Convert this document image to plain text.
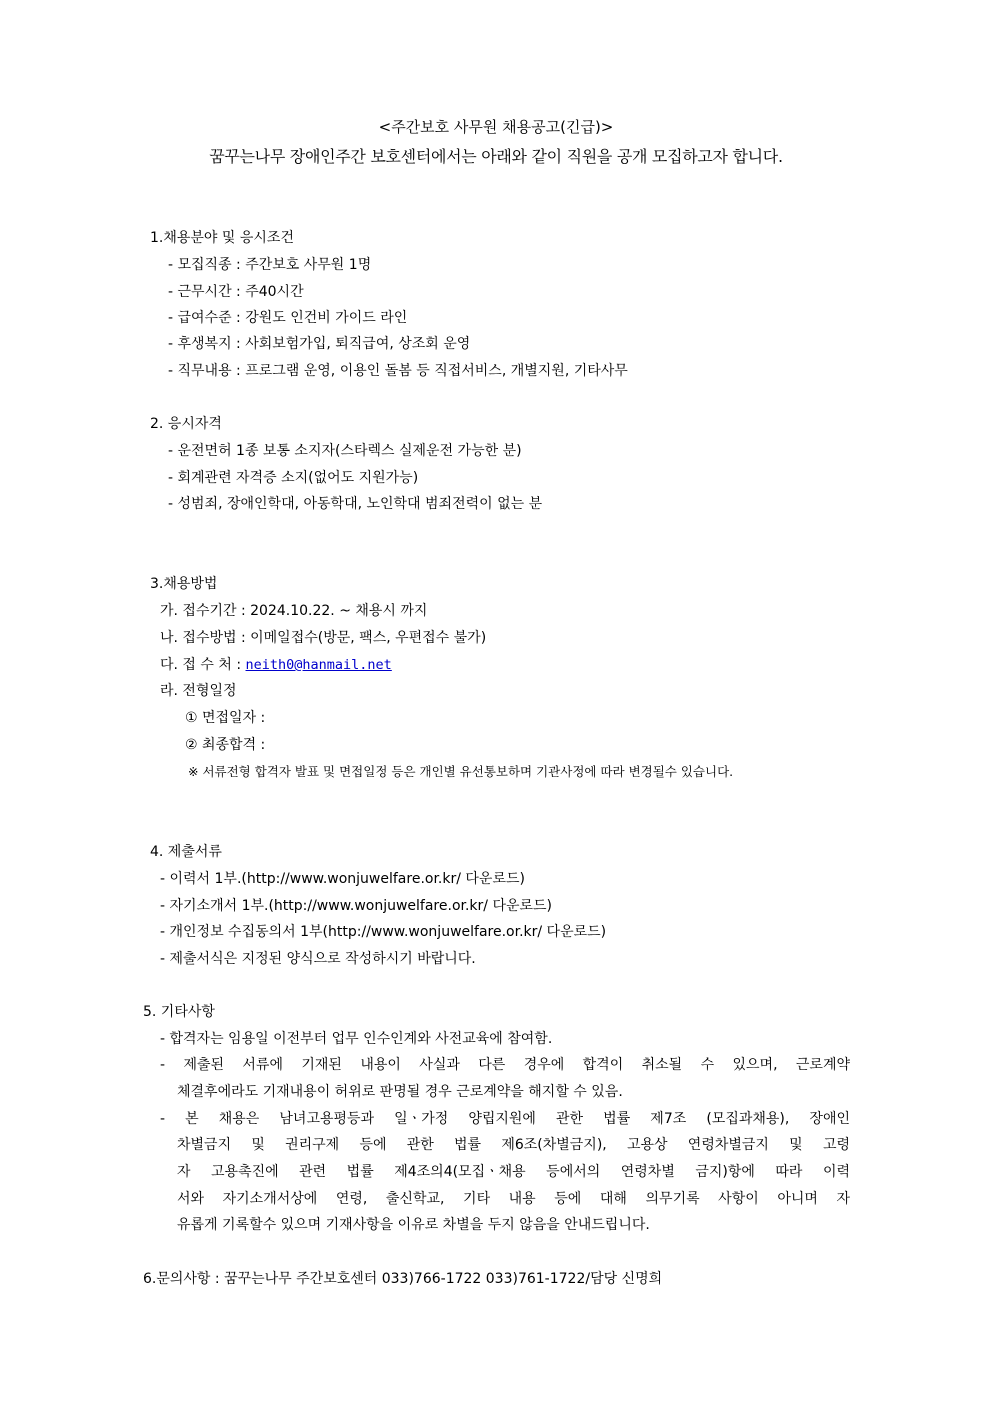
<주간보호 사무원 채용공고(긴급)>
꿈꾸는나무 장애인주간 보호센터에서는 아래와 같이 직원을 공개 모집하고자 합니다.
1.채용분야 및 응시조건
- 모집직종 : 주간보호 사무원 1명
- 근무시간 : 주40시간
- 급여수준 : 강원도 인건비 가이드 라인
- 후생복지 : 사회보험가입, 퇴직급여, 상조회 운영
- 직무내용 : 프로그램 운영, 이용인 돌봄 등 직접서비스, 개별지원, 기타사무
2. 응시자격
- 운전면허 1종 보통 소지자(스타렉스 실제운전 가능한 분)
- 회계관련 자격증 소지(없어도 지원가능)
- 성범죄, 장애인학대, 아동학대, 노인학대 범죄전력이 없는 분
3.채용방법
가. 접수기간 : 2024.10.22. ~ 채용시 까지
나. 접수방법 : 이메일접수(방문, 팩스, 우편접수 불가)
다. 접 수 처 : neith0@hanmail.net
라. 전형일정
① 면접일자 :
② 최종합격 :
※ 서류전형 합격자 발표 및 면접일정 등은 개인별 유선통보하며 기관사정에 따라 변경될수 있습니다.
4. 제출서류
- 이력서 1부.(http://www.wonjuwelfare.or.kr/ 다운로드)
- 자기소개서 1부.(http://www.wonjuwelfare.or.kr/ 다운로드)
- 개인정보 수집동의서 1부(http://www.wonjuwelfare.or.kr/ 다운로드)
- 제출서식은 지정된 양식으로 작성하시기 바랍니다.
5. 기타사항
- 합격자는 임용일 이전부터 업무 인수인계와 사전교육에 참여함.
- 제출된 서류에 기재된 내용이 사실과 다른 경우에 합격이 취소될 수 있으며, 근로계약
체결후에라도 기재내용이 허위로 판명될 경우 근로계약을 해지할 수 있음.
- 본 채용은 남녀고용평등과 일ㆍ가정 양립지원에 관한 법률 제7조 (모집과채용), 장애인
차별금지 및 권리구제 등에 관한 법률 제6조(차별금지), 고용상 연령차별금지 및 고령
자 고용촉진에 관련 법률 제4조의4(모집ㆍ채용 등에서의 연령차별 금지)항에 따라 이력
서와 자기소개서상에 연령, 출신학교, 기타 내용 등에 대해 의무기록 사항이 아니며 자
유롭게 기록할수 있으며 기재사항을 이유로 차별을 두지 않음을 안내드립니다.
6.문의사항 : 꿈꾸는나무 주간보호센터 033)766-1722 033)761-1722/담당 신명희
